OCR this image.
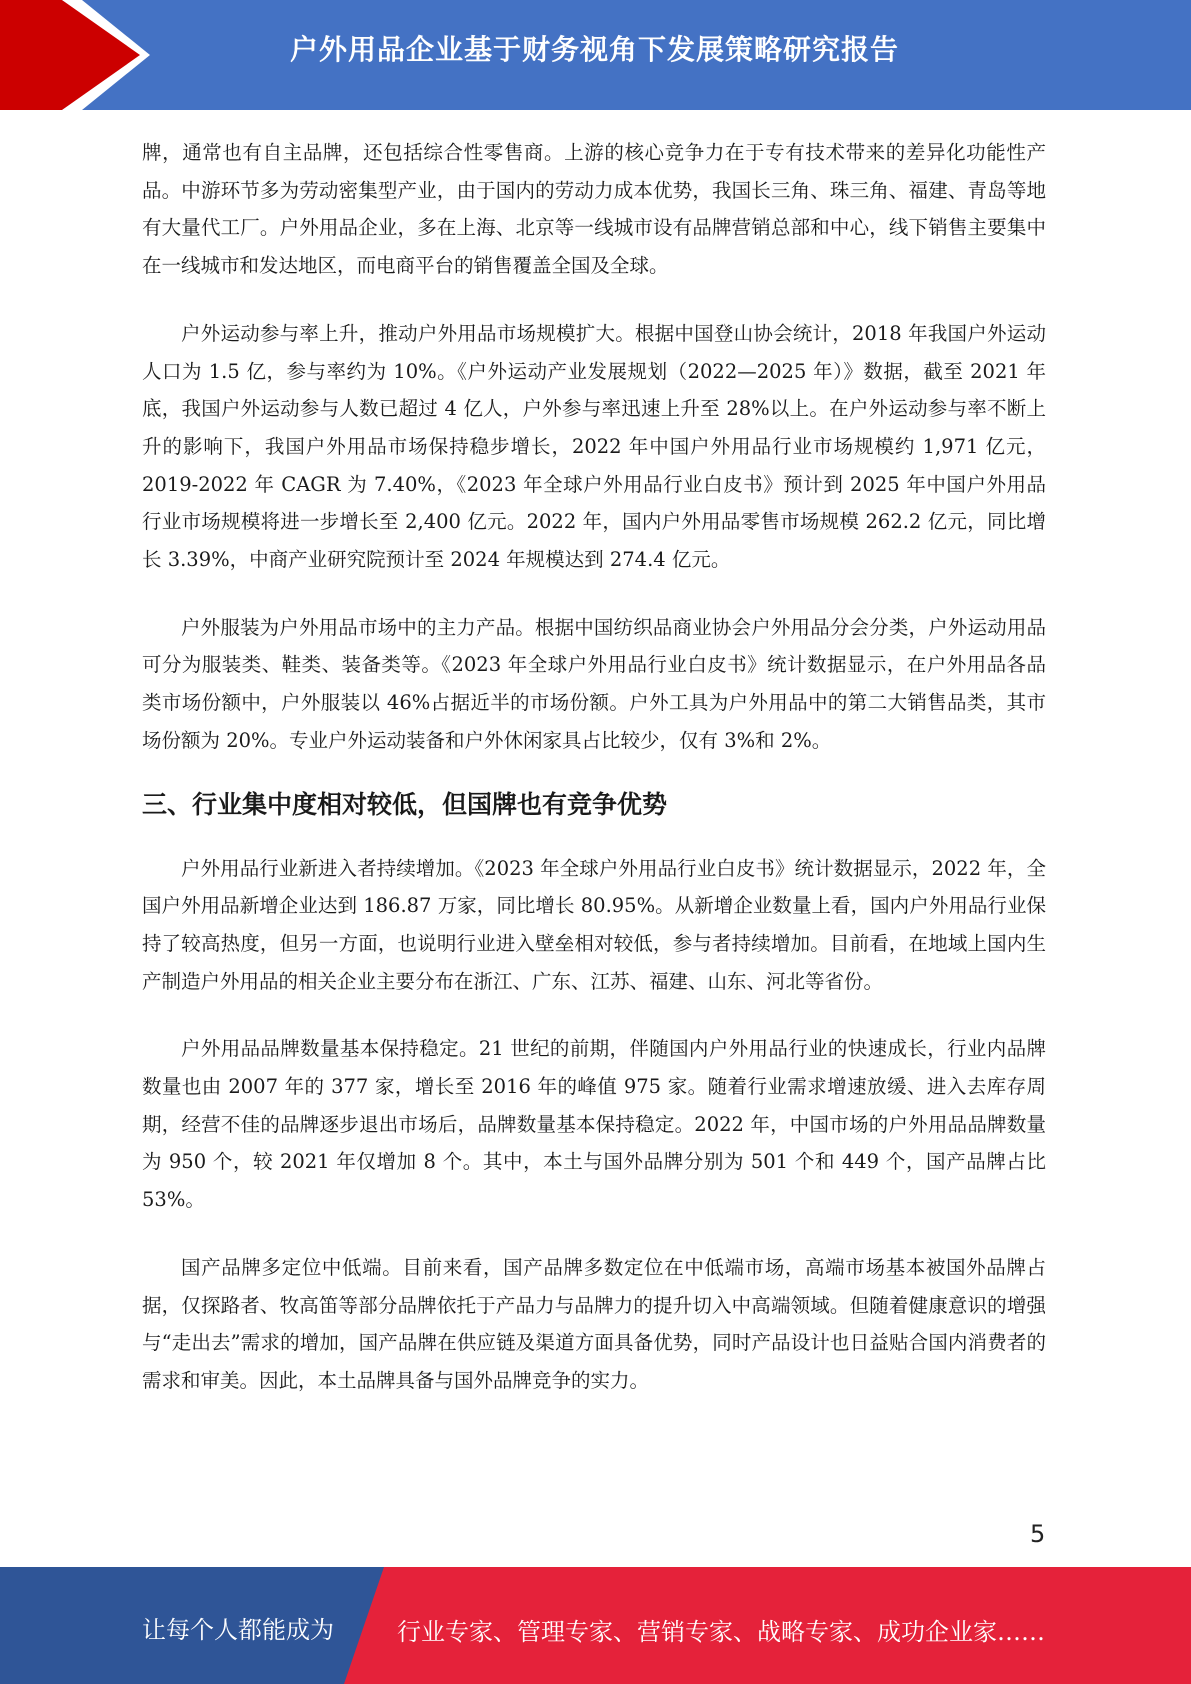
户外用品企业基于财务视角下发展策略研究报告

牌，通常也有自主品牌，还包括综合性零售商。上游的核心竞争力在于专有技术带来的差异化功能性产品。中游环节多为劳动密集型产业，由于国内的劳动力成本优势，我国长三角、珠三角、福建、青岛等地有大量代工厂。户外用品企业，多在上海、北京等一线城市设有品牌营销总部和中心，线下销售主要集中在一线城市和发达地区，而电商平台的销售覆盖全国及全球。

户外运动参与率上升，推动户外用品市场规模扩大。根据中国登山协会统计，2018 年我国户外运动人口为 1.5 亿，参与率约为 10%。《户外运动产业发展规划（2022—2025 年）》数据，截至 2021 年底，我国户外运动参与人数已超过 4 亿人，户外参与率迅速上升至 28%以上。在户外运动参与率不断上升的影响下，我国户外用品市场保持稳步增长，2022 年中国户外用品行业市场规模约 1,971 亿元，2019-2022 年 CAGR 为 7.40%，《2023 年全球户外用品行业白皮书》预计到 2025 年中国户外用品行业市场规模将进一步增长至 2,400 亿元。2022 年，国内户外用品零售市场规模 262.2 亿元，同比增长 3.39%，中商产业研究院预计至 2024 年规模达到 274.4 亿元。

户外服装为户外用品市场中的主力产品。根据中国纺织品商业协会户外用品分会分类，户外运动用品可分为服装类、鞋类、装备类等。《2023 年全球户外用品行业白皮书》统计数据显示，在户外用品各品类市场份额中，户外服装以 46%占据近半的市场份额。户外工具为户外用品中的第二大销售品类，其市场份额为 20%。专业户外运动装备和户外休闲家具占比较少，仅有 3%和 2%。

三、行业集中度相对较低，但国牌也有竞争优势

户外用品行业新进入者持续增加。《2023 年全球户外用品行业白皮书》统计数据显示，2022 年，全国户外用品新增企业达到 186.87 万家，同比增长 80.95%。从新增企业数量上看，国内户外用品行业保持了较高热度，但另一方面，也说明行业进入壁垒相对较低，参与者持续增加。目前看，在地域上国内生产制造户外用品的相关企业主要分布在浙江、广东、江苏、福建、山东、河北等省份。

户外用品品牌数量基本保持稳定。21 世纪的前期，伴随国内户外用品行业的快速成长，行业内品牌数量也由 2007 年的 377 家，增长至 2016 年的峰值 975 家。随着行业需求增速放缓、进入去库存周期，经营不佳的品牌逐步退出市场后，品牌数量基本保持稳定。2022 年，中国市场的户外用品品牌数量为 950 个，较 2021 年仅增加 8 个。其中，本土与国外品牌分别为 501 个和 449 个，国产品牌占比 53%。

国产品牌多定位中低端。目前来看，国产品牌多数定位在中低端市场，高端市场基本被国外品牌占据，仅探路者、牧高笛等部分品牌依托于产品力与品牌力的提升切入中高端领域。但随着健康意识的增强与“走出去”需求的增加，国产品牌在供应链及渠道方面具备优势，同时产品设计也日益贴合国内消费者的需求和审美。因此，本土品牌具备与国外品牌竞争的实力。

5
让每个人都能成为	行业专家、管理专家、营销专家、战略专家、成功企业家……
